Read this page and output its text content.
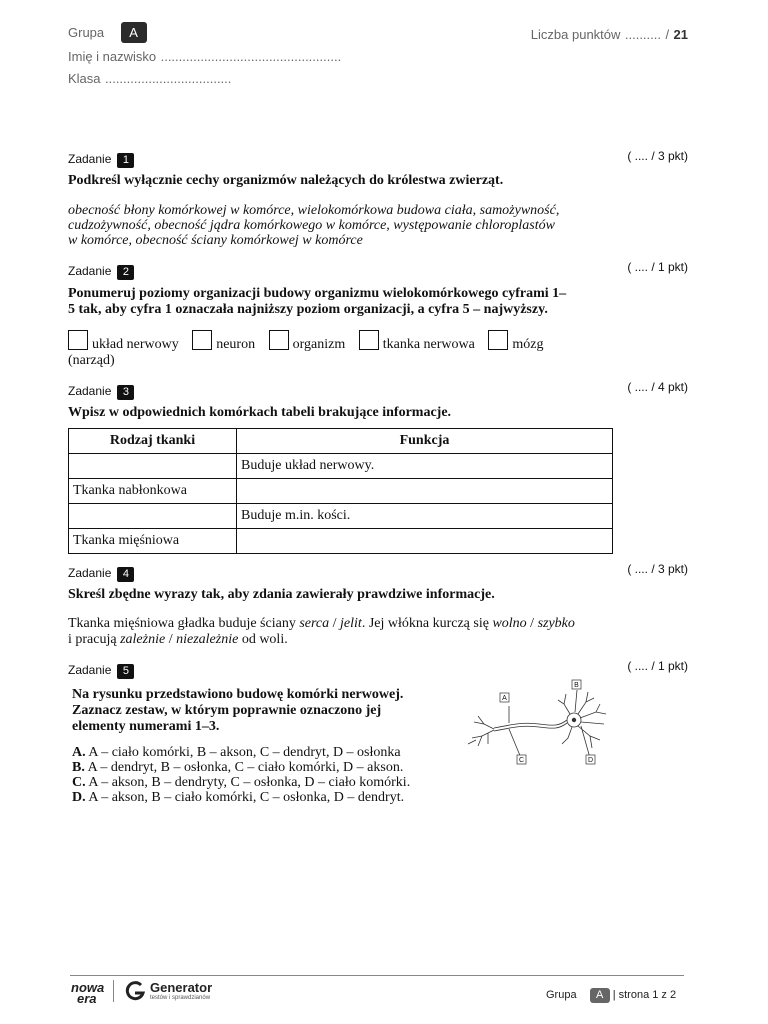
Grupa A
Imię i nazwisko ..................................................
Klasa ...................................
Liczba punktów .......... / 21
Zadanie 1	( .... / 3 pkt)
Podkreśl wyłącznie cechy organizmów należących do królestwa zwierząt.
obecność błony komórkowej w komórce, wielokomórkowa budowa ciała, samożywność,
cudzożywność, obecność jądra komórkowego w komórce, występowanie chloroplastów
w komórce, obecność ściany komórkowej w komórce
Zadanie 2	( .... / 1 pkt)
Ponumeruj poziomy organizacji budowy organizmu wielokomórkowego cyframi 1–
5 tak, aby cyfra 1 oznaczała najniższy poziom organizacji, a cyfra 5 – najwyższy.
układ nerwowy	neuron	organizm	tkanka nerwowa	mózg
(narząd)
Zadanie 3	( .... / 4 pkt)
Wpisz w odpowiednich komórkach tabeli brakujące informacje.
Rodzaj tkanki	Funkcja
	Buduje układ nerwowy.
Tkanka nabłonkowa	
	Buduje m.in. kości.
Tkanka mięśniowa	
Zadanie 4	( .... / 3 pkt)
Skreśl zbędne wyrazy tak, aby zdania zawierały prawdziwe informacje.
Tkanka mięśniowa gładka buduje ściany serca / jelit. Jej włókna kurczą się wolno / szybko
i pracują zależnie / niezależnie od woli.
Zadanie 5	( .... / 1 pkt)
Na rysunku przedstawiono budowę komórki nerwowej.
Zaznacz zestaw, w którym poprawnie oznaczono jej
elementy numerami 1–3.
A. A – ciało komórki, B – akson, C – dendryt, D – osłonka
B. A – dendryt, B – osłonka, C – ciało komórki, D – akson.
C. A – akson, B – dendryty, C – osłonka, D – ciało komórki.
D. A – akson, B – ciało komórki, C – osłonka, D – dendryt.
A
B
C	D
nowa
era
Generator
testów i sprawdzianów	Grupa A | strona 1 z 2
